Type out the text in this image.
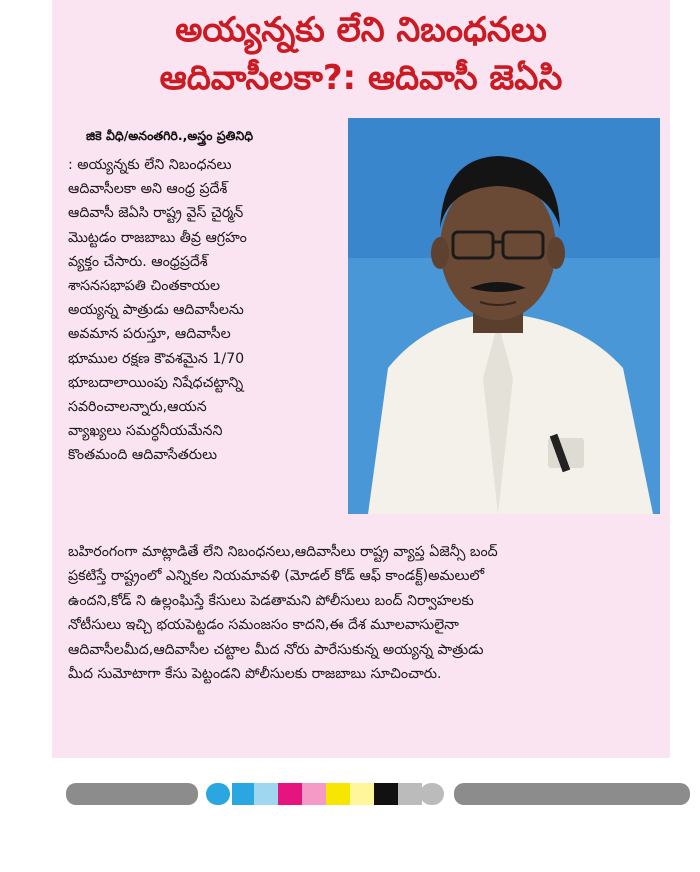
అయ్యన్నకు లేని నిబంధనలు
ఆదివాసీలకా?: ఆదివాసీ జెఏసి
జికె వీధి/అనంతగిరి.,అస్త్రం ప్రతినిధి
: అయ్యన్నకు లేని నిబంధనలు
ఆదివాసీలకా అని ఆంధ్ర ప్రదేశ్
ఆదివాసీ జెఏసి రాష్ట్ర వైస్ చైర్మన్
మొట్టడం రాజబాబు తీవ్ర ఆగ్రహం
వ్యక్తం చేసారు. ఆంధ్రప్రదేశ్
శాసనసభాపతి చింతకాయల
అయ్యన్న పాత్రుడు ఆదివాసీలను
అవమాన పరుస్తూ, ఆదివాసీల
భూముల రక్షణ కౌవశమైన 1/70
భూబదాలాయింపు నిషేధచట్టాన్ని
సవరించాలన్నారు,ఆయన
వ్యాఖ్యలు సమర్ధనీయమేనని
కొంతమంది ఆదివాసేతరులు
బహిరంగంగా మాట్లాడితే లేని నిబంధనలు,ఆదివాసీలు రాష్ట్ర వ్యాప్త ఏజెన్సీ బంద్
ప్రకటిస్తే రాష్ట్రంలో ఎన్నికల నియమావళి (మోడల్ కోడ్ ఆఫ్ కాండక్ట్)అమలులో
ఉందని,కోడ్ ని ఉల్లంఘిస్తే కేసులు పెడతామని పోలీసులు బంద్ నిర్వాహలకు
నోటీసులు ఇచ్చి భయపెట్టడం సమంజసం కాదని,ఈ దేశ మూలవాసులైనా
ఆదివాసీలమీద,ఆదివాసీల చట్టాల మీద నోరు పారేసుకున్న అయ్యన్న పాత్రుడు
మీద సుమోటాగా కేసు పెట్టండని పోలీసులకు రాజబాబు సూచించారు.
